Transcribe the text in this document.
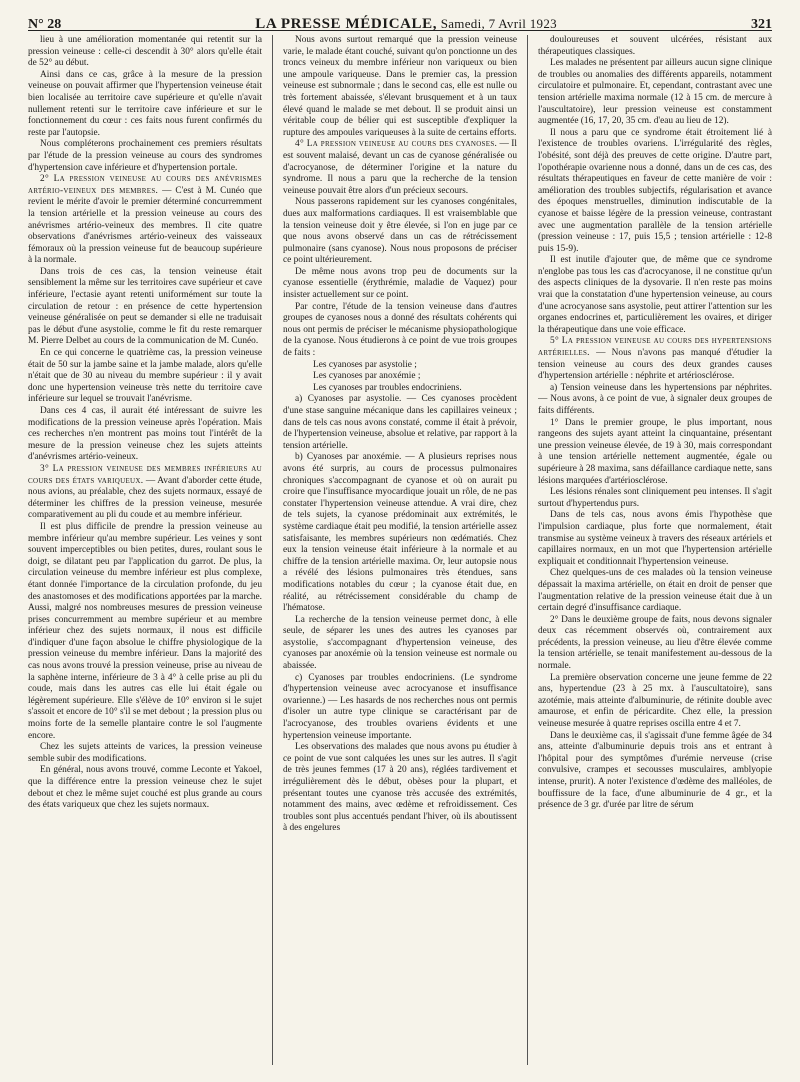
N° 28	LA PRESSE MÉDICALE, Samedi, 7 Avril 1923	321

lieu à une amélioration momentanée qui retentit sur la pression veineuse : celle-ci descendit à 30° alors qu'elle était de 52° au début.

Ainsi dans ce cas, grâce à la mesure de la pression veineuse on pouvait affirmer que l'hypertension veineuse était bien localisée au territoire cave supérieure et qu'elle n'avait nullement retenti sur le territoire cave inférieure et sur le fonctionnement du cœur : ces faits nous furent confirmés du reste par l'autopsie.

Nous compléterons prochainement ces premiers résultats par l'étude de la pression veineuse au cours des syndromes d'hypertension cave inférieure et d'hypertension portale.

2° La pression veineuse au cours des anévrismes artério-veineux des membres. — C'est à M. Cunéo que revient le mérite d'avoir le premier déterminé concurremment la tension artérielle et la pression veineuse au cours des anévrismes artério-veineux des membres. Il cite quatre observations d'anévrismes artério-veineux des vaisseaux fémoraux où la pression veineuse fut de beaucoup supérieure à la normale.

Dans trois de ces cas, la tension veineuse était sensiblement la même sur les territoires cave supérieur et cave inférieure, l'ectasie ayant retenti uniformément sur toute la circulation de retour : en présence de cette hypertension veineuse généralisée on peut se demander si elle ne traduisait pas le début d'une asystolie, comme le fit du reste remarquer M. Pierre Delbet au cours de la communication de M. Cunéo.

En ce qui concerne le quatrième cas, la pression veineuse était de 50 sur la jambe saine et la jambe malade, alors qu'elle n'était que de 30 au niveau du membre supérieur : il y avait donc une hypertension veineuse très nette du territoire cave inférieure sur lequel se trouvait l'anévrisme.

Dans ces 4 cas, il aurait été intéressant de suivre les modifications de la pression veineuse après l'opération. Mais ces recherches n'en montrent pas moins tout l'intérêt de la mesure de la pression veineuse chez les sujets atteints d'anévrismes artério-veineux.

3° La pression veineuse des membres inférieurs au cours des états variqueux. — Avant d'aborder cette étude, nous avions, au préalable, chez des sujets normaux, essayé de déterminer les chiffres de la pression veineuse, mesurée comparativement au pli du coude et au membre inférieur.

Il est plus difficile de prendre la pression veineuse au membre inférieur qu'au membre supérieur. Les veines y sont souvent imperceptibles ou bien petites, dures, roulant sous le doigt, se dilatant peu par l'application du garrot. De plus, la circulation veineuse du membre inférieur est plus complexe, étant donnée l'importance de la circulation profonde, du jeu des anastomoses et des modifications apportées par la marche. Aussi, malgré nos nombreuses mesures de pression veineuse prises concurremment au membre supérieur et au membre inférieur chez des sujets normaux, il nous est difficile d'indiquer d'une façon absolue le chiffre physiologique de la pression veineuse du membre inférieur. Dans la majorité des cas nous avons trouvé la pression veineuse, prise au niveau de la saphène interne, inférieure de 3 à 4° à celle prise au pli du coude, mais dans les autres cas elle lui était égale ou légèrement supérieure. Elle s'élève de 10° environ si le sujet s'assoit et encore de 10° s'il se met debout ; la pression plus ou moins forte de la semelle plantaire contre le sol l'augmente encore.

Chez les sujets atteints de varices, la pression veineuse semble subir des modifications.

En général, nous avons trouvé, comme Leconte et Yakoel, que la différence entre la pression veineuse chez le sujet debout et chez le même sujet couché est plus grande au cours des états variqueux que chez les sujets normaux.

Nous avons surtout remarqué que la pression veineuse varie, le malade étant couché, suivant qu'on ponctionne un des troncs veineux du membre inférieur non variqueux ou bien une ampoule variqueuse. Dans le premier cas, la pression veineuse est subnormale ; dans le second cas, elle est nulle ou très fortement abaissée, s'élevant brusquement et à un taux élevé quand le malade se met debout. Il se produit ainsi un véritable coup de bélier qui est susceptible d'expliquer la rupture des ampoules variqueuses à la suite de certains efforts.

4° La pression veineuse au cours des cyanoses. — Il est souvent malaisé, devant un cas de cyanose généralisée ou d'acrocyanose, de déterminer l'origine et la nature du syndrome. Il nous a paru que la recherche de la tension veineuse pouvait être alors d'un précieux secours.

Nous passerons rapidement sur les cyanoses congénitales, dues aux malformations cardiaques. Il est vraisemblable que la tension veineuse doit y être élevée, si l'on en juge par ce que nous avons observé dans un cas de rétrécissement pulmonaire (sans cyanose). Nous nous proposons de préciser ce point ultérieurement.

De même nous avons trop peu de documents sur la cyanose essentielle (érythrémie, maladie de Vaquez) pour insister actuellement sur ce point.

Par contre, l'étude de la tension veineuse dans d'autres groupes de cyanoses nous a donné des résultats cohérents qui nous ont permis de préciser le mécanisme physiopathologique de la cyanose. Nous étudierons à ce point de vue trois groupes de faits :

Les cyanoses par asystolie ;
Les cyanoses par anoxémie ;
Les cyanoses par troubles endocriniens.

a) Cyanoses par asystolie. — Ces cyanoses procèdent d'une stase sanguine mécanique dans les capillaires veineux ; dans de tels cas nous avons constaté, comme il était à prévoir, de l'hypertension veineuse, absolue et relative, par rapport à la tension artérielle.

b) Cyanoses par anoxémie. — A plusieurs reprises nous avons été surpris, au cours de processus pulmonaires chroniques s'accompagnant de cyanose et où on aurait pu croire que l'insuffisance myocardique jouait un rôle, de ne pas constater l'hypertension veineuse attendue. A vrai dire, chez de tels sujets, la cyanose prédominait aux extrémités, le système cardiaque était peu modifié, la tension artérielle assez satisfaisante, les membres supérieurs non œdématiés. Chez eux la tension veineuse était inférieure à la normale et au chiffre de la tension artérielle maxima. Or, leur autopsie nous a révélé des lésions pulmonaires très étendues, sans modifications notables du cœur ; la cyanose était due, en réalité, au rétrécissement considérable du champ de l'hématose.

La recherche de la tension veineuse permet donc, à elle seule, de séparer les unes des autres les cyanoses par asystolie, s'accompagnant d'hypertension veineuse, des cyanoses par anoxémie où la tension veineuse est normale ou abaissée.

c) Cyanoses par troubles endocriniens. (Le syndrome d'hypertension veineuse avec acrocyanose et insuffisance ovarienne.) — Les hasards de nos recherches nous ont permis d'isoler un autre type clinique se caractérisant par de l'acrocyanose, des troubles ovariens évidents et une hypertension veineuse importante.

Les observations des malades que nous avons pu étudier à ce point de vue sont calquées les unes sur les autres. Il s'agit de très jeunes femmes (17 à 20 ans), réglées tardivement et irrégulièrement dès le début, obèses pour la plupart, et présentant toutes une cyanose très accusée des extrémités, notamment des mains, avec œdème et refroidissement. Ces troubles sont plus accentués pendant l'hiver, où ils aboutissent à des engelures

douloureuses et souvent ulcérées, résistant aux thérapeutiques classiques.

Les malades ne présentent par ailleurs aucun signe clinique de troubles ou anomalies des différents appareils, notamment circulatoire et pulmonaire. Et, cependant, contrastant avec une tension artérielle maxima normale (12 à 15 cm. de mercure à l'auscultatoire), leur pression veineuse est constamment augmentée (16, 17, 20, 35 cm. d'eau au lieu de 12).

Il nous a paru que ce syndrome était étroitement lié à l'existence de troubles ovariens. L'irrégularité des règles, l'obésité, sont déjà des preuves de cette origine. D'autre part, l'opothérapie ovarienne nous a donné, dans un de ces cas, des résultats thérapeutiques en faveur de cette manière de voir : amélioration des troubles subjectifs, régularisation et avance des époques menstruelles, diminution indiscutable de la cyanose et baisse légère de la pression veineuse, contrastant avec une augmentation parallèle de la tension artérielle (pression veineuse : 17, puis 15,5 ; tension artérielle : 12-8 puis 15-9).

Il est inutile d'ajouter que, de même que ce syndrome n'englobe pas tous les cas d'acrocyanose, il ne constitue qu'un des aspects cliniques de la dysovarie. Il n'en reste pas moins vrai que la constatation d'une hypertension veineuse, au cours d'une acrocyanose sans asystolie, peut attirer l'attention sur les organes endocrines et, particulièrement les ovaires, et diriger la thérapeutique dans une voie efficace.

5° La pression veineuse au cours des hypertensions artérielles. — Nous n'avons pas manqué d'étudier la tension veineuse au cours des deux grandes causes d'hypertension artérielle : néphrite et artériosclérose.

a) Tension veineuse dans les hypertensions par néphrites. — Nous avons, à ce point de vue, à signaler deux groupes de faits différents.

1° Dans le premier groupe, le plus important, nous rangeons des sujets ayant atteint la cinquantaine, présentant une pression veineuse élevée, de 19 à 30, mais correspondant à une tension artérielle nettement augmentée, égale ou supérieure à 28 maxima, sans défaillance cardiaque nette, sans lésions marquées d'artériosclérose.

Les lésions rénales sont cliniquement peu intenses. Il s'agit surtout d'hypertendus purs.

Dans de tels cas, nous avons émis l'hypothèse que l'impulsion cardiaque, plus forte que normalement, était transmise au système veineux à travers des réseaux artériels et capillaires normaux, en un mot que l'hypertension artérielle expliquait et conditionnait l'hypertension veineuse.

Chez quelques-uns de ces malades où la tension veineuse dépassait la maxima artérielle, on était en droit de penser que l'augmentation relative de la pression veineuse était due à un certain degré d'insuffisance cardiaque.

2° Dans le deuxième groupe de faits, nous devons signaler deux cas récemment observés où, contrairement aux précédents, la pression veineuse, au lieu d'être élevée comme la tension artérielle, se tenait manifestement au-dessous de la normale.

La première observation concerne une jeune femme de 22 ans, hypertendue (23 à 25 mx. à l'auscultatoire), sans azotémie, mais atteinte d'albuminurie, de rétinite double avec amaurose, et enfin de péricardite. Chez elle, la pression veineuse mesurée à quatre reprises oscilla entre 4 et 7.

Dans le deuxième cas, il s'agissait d'une femme âgée de 34 ans, atteinte d'albuminurie depuis trois ans et entrant à l'hôpital pour des symptômes d'urémie nerveuse (crise convulsive, crampes et secousses musculaires, amblyopie intense, prurit). A noter l'existence d'œdème des malléoles, de bouffissure de la face, d'une albuminurie de 4 gr., et la présence de 3 gr. d'urée par litre de sérum
